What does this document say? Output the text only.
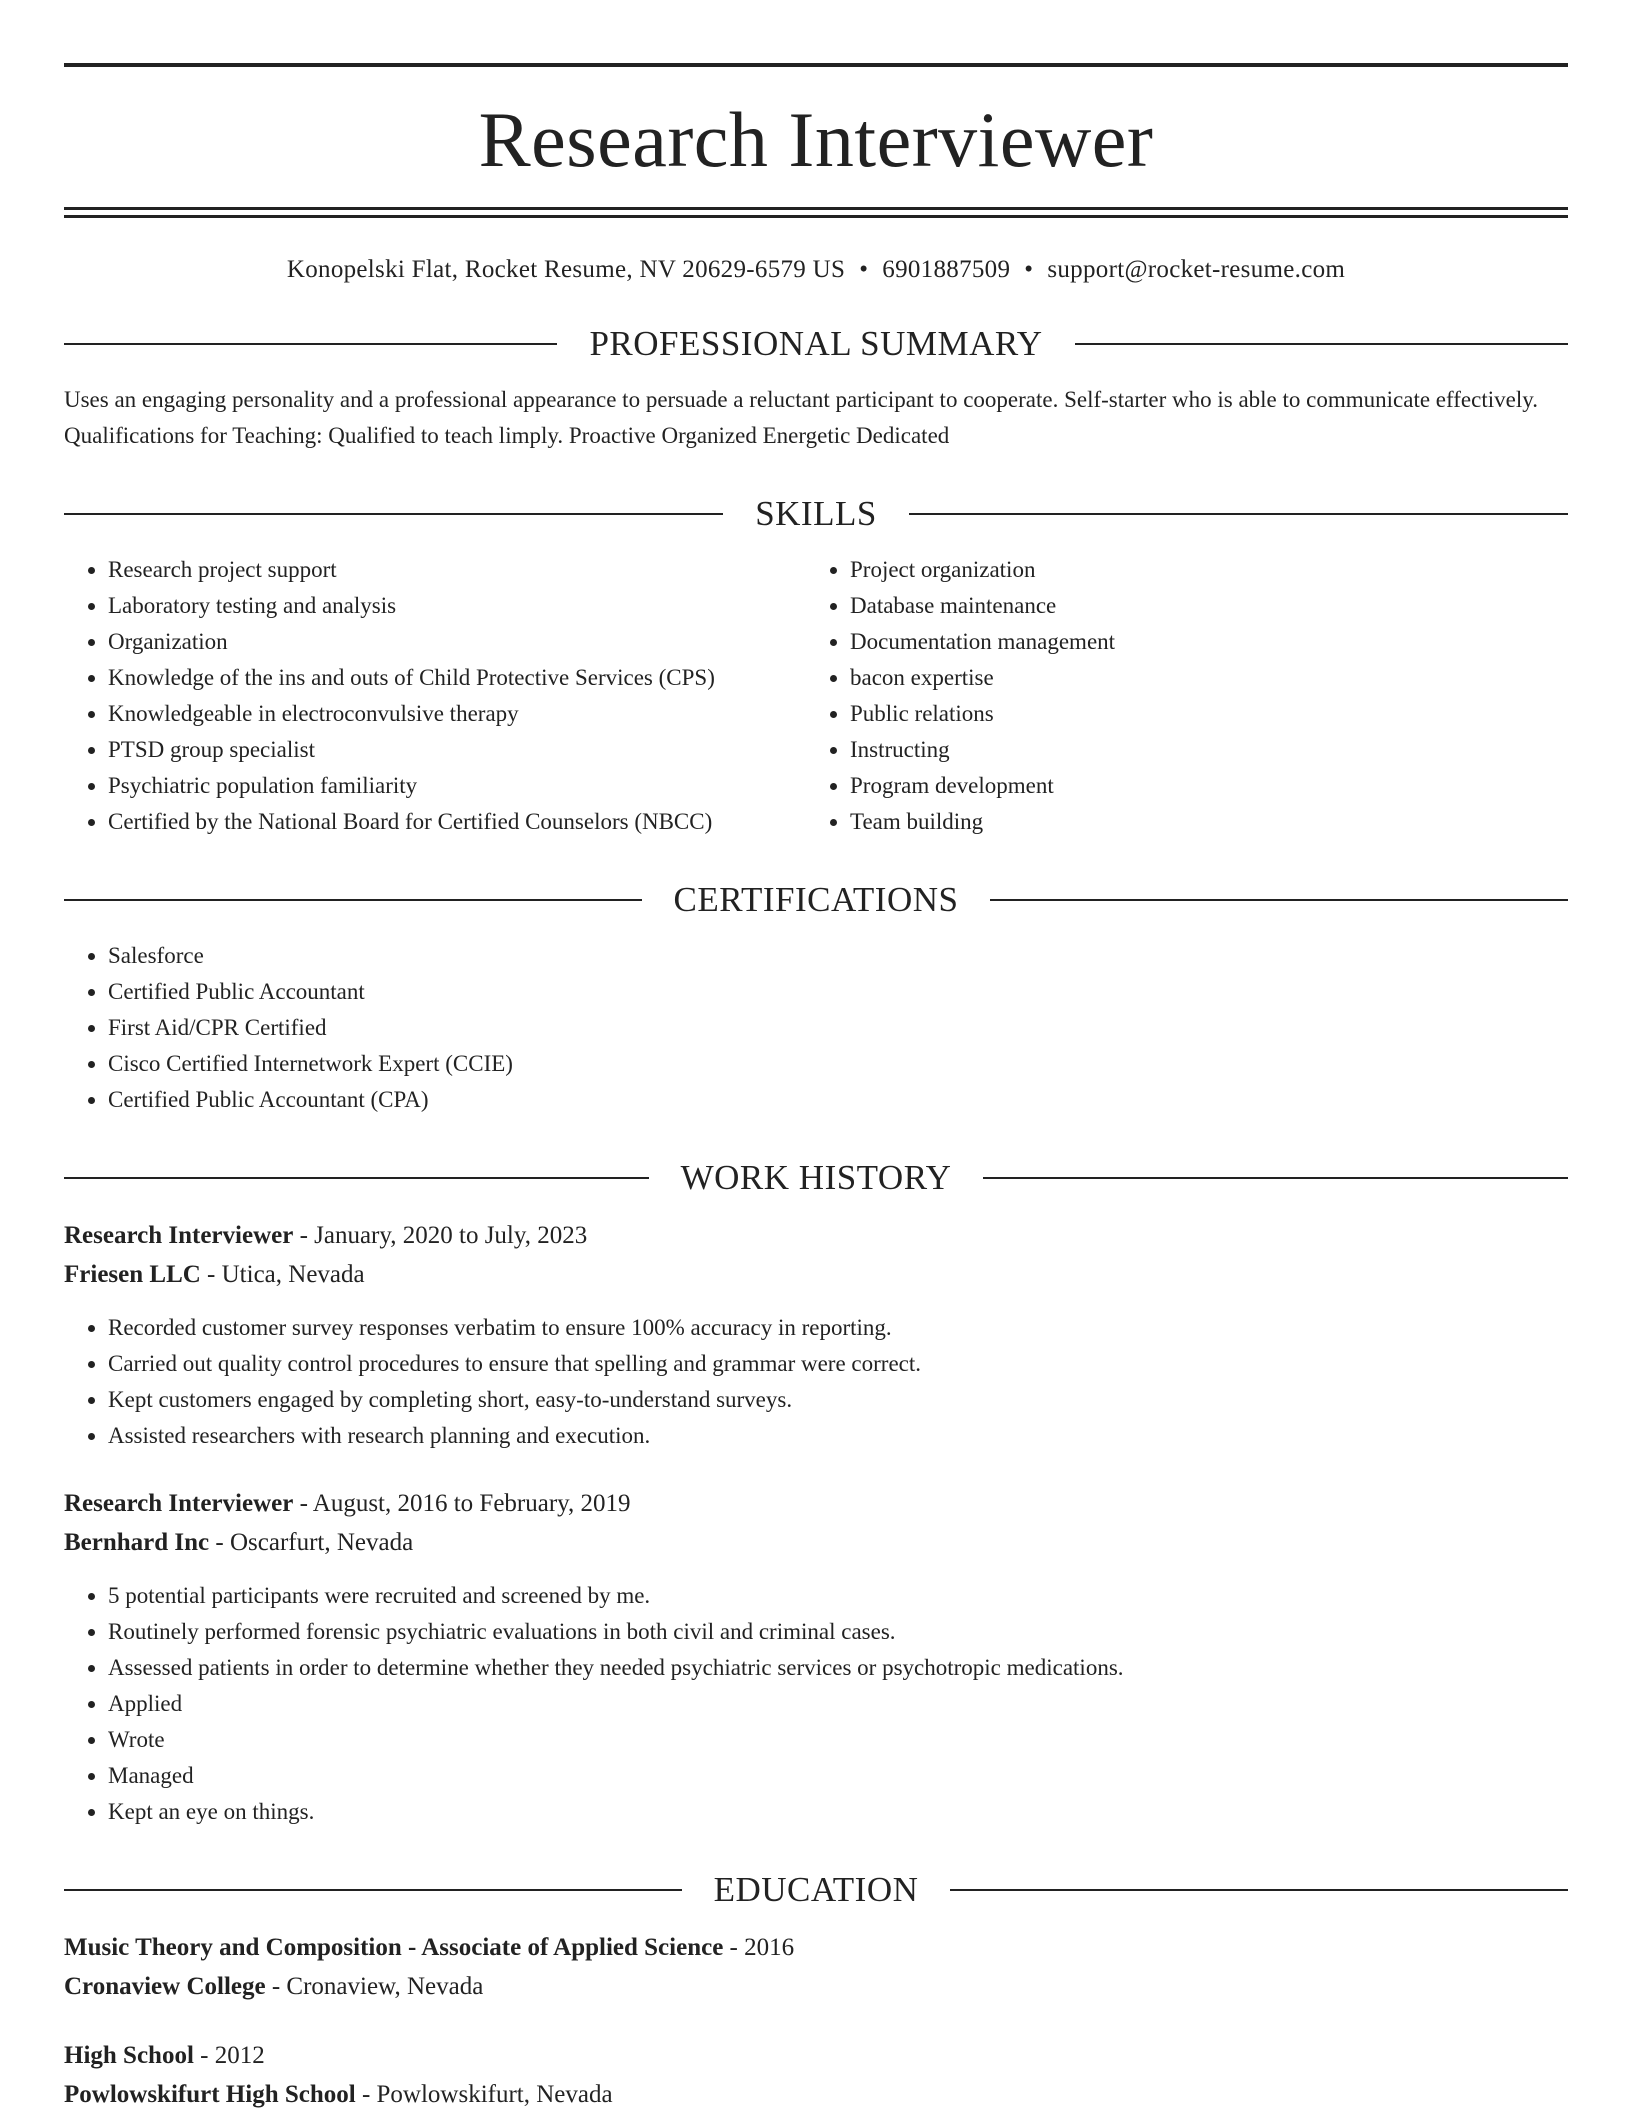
Research Interviewer
Konopelski Flat, Rocket Resume, NV 20629-6579 US • 6901887509 • support@rocket-resume.com
PROFESSIONAL SUMMARY

Uses an engaging personality and a professional appearance to persuade a reluctant participant to cooperate. Self-starter who is able to communicate effectively. Qualifications for Teaching: Qualified to teach limply. Proactive Organized Energetic Dedicated

SKILLS
• Research project support
• Laboratory testing and analysis
• Organization
• Knowledge of the ins and outs of Child Protective Services (CPS)
• Knowledgeable in electroconvulsive therapy
• PTSD group specialist
• Psychiatric population familiarity
• Certified by the National Board for Certified Counselors (NBCC)
• Project organization
• Database maintenance
• Documentation management
• bacon expertise
• Public relations
• Instructing
• Program development
• Team building
CERTIFICATIONS
• Salesforce
• Certified Public Accountant
• First Aid/CPR Certified
• Cisco Certified Internetwork Expert (CCIE)
• Certified Public Accountant (CPA)
WORK HISTORY

Research Interviewer - January, 2020 to July, 2023

Friesen LLC - Utica, Nevada

• Recorded customer survey responses verbatim to ensure 100% accuracy in reporting.
• Carried out quality control procedures to ensure that spelling and grammar were correct.
• Kept customers engaged by completing short, easy-to-understand surveys.
• Assisted researchers with research planning and execution.

Research Interviewer - August, 2016 to February, 2019

Bernhard Inc - Oscarfurt, Nevada

• 5 potential participants were recruited and screened by me.
• Routinely performed forensic psychiatric evaluations in both civil and criminal cases.
• Assessed patients in order to determine whether they needed psychiatric services or psychotropic medications.
• Applied
• Wrote
• Managed
• Kept an eye on things.
EDUCATION

Music Theory and Composition - Associate of Applied Science - 2016

Cronaview College - Cronaview, Nevada

High School - 2012

Powlowskifurt High School - Powlowskifurt, Nevada
